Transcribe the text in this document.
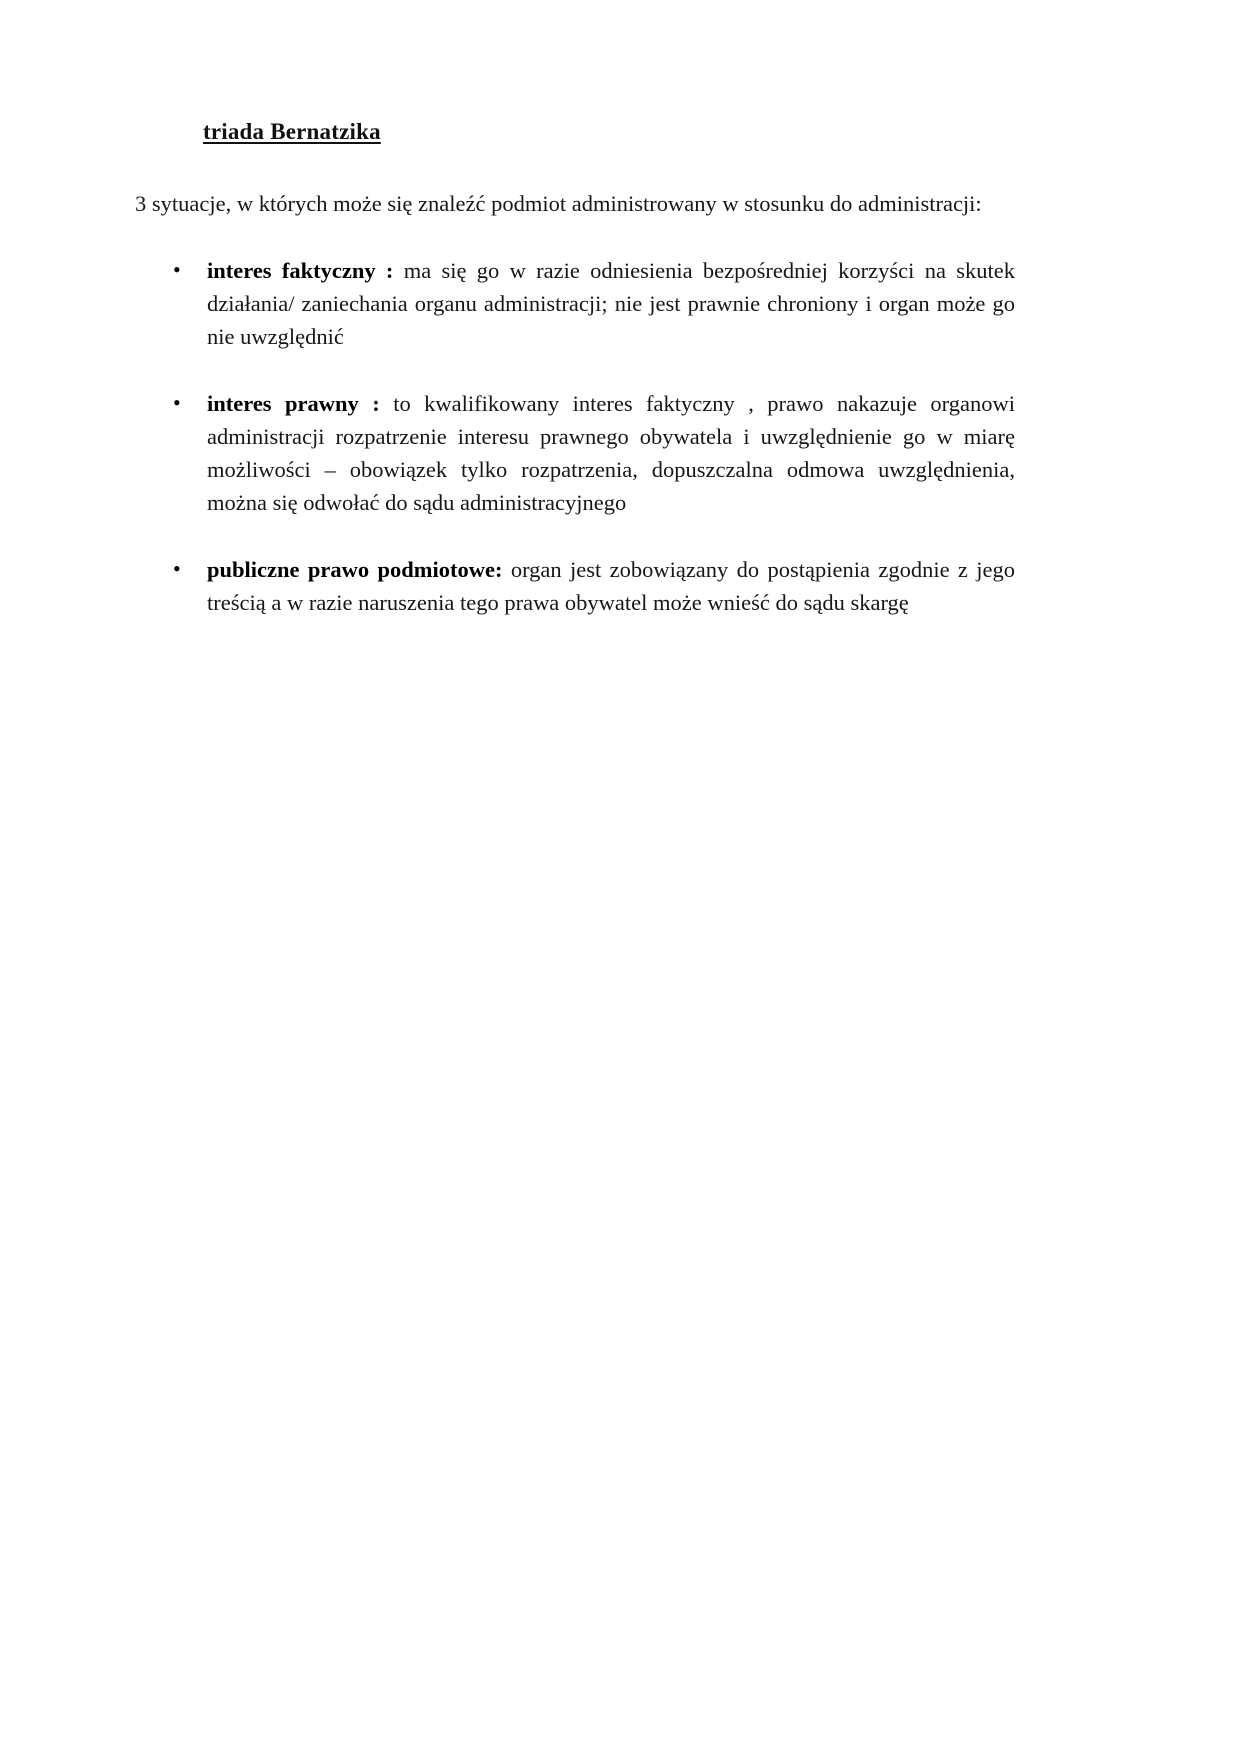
triada Bernatzika

3 sytuacje, w których może się znaleźć podmiot administrowany w stosunku do administracji:

• interes faktyczny : ma się go w razie odniesienia bezpośredniej korzyści na skutek działania/ zaniechania organu administracji; nie jest prawnie chroniony i organ może go nie uwzględnić
• interes prawny : to kwalifikowany interes faktyczny , prawo nakazuje organowi administracji rozpatrzenie interesu prawnego obywatela i uwzględnienie go w miarę możliwości – obowiązek tylko rozpatrzenia, dopuszczalna odmowa uwzględnienia, można się odwołać do sądu administracyjnego
• publiczne prawo podmiotowe: organ jest zobowiązany do postąpienia zgodnie z jego treścią a w razie naruszenia tego prawa obywatel może wnieść do sądu skargę
